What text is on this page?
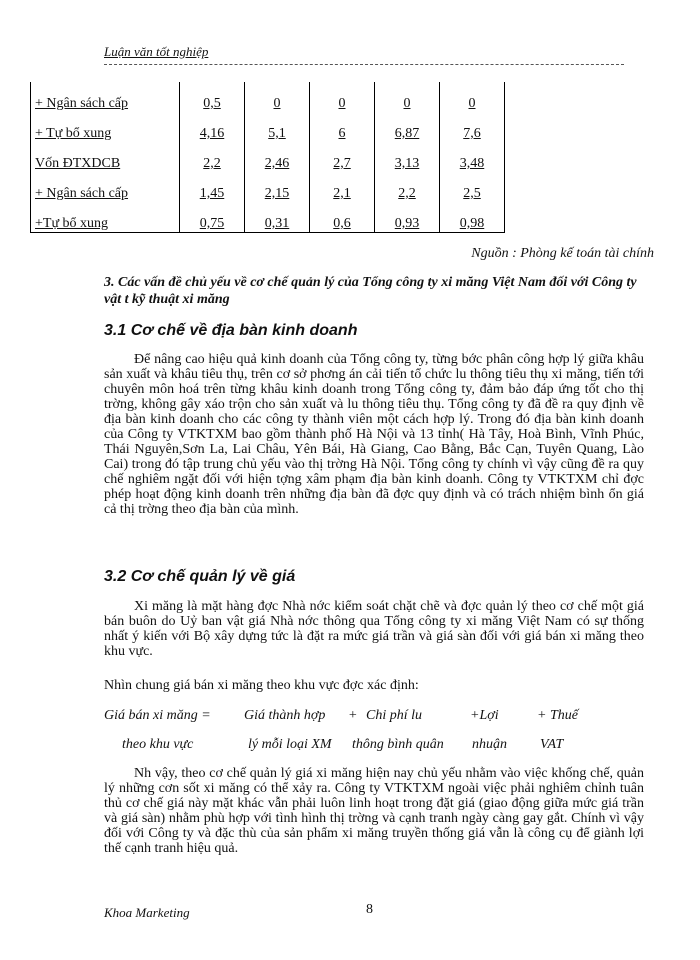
Luận văn tốt nghiệp
+ Ngân sách cấp	0,5	0	0	0	0
+ Tự bổ xung	4,16	5,1	6	6,87	7,6
Vốn ĐTXDCB	2,2	2,46	2,7	3,13	3,48
+ Ngân sách cấp	1,45	2,15	2,1	2,2	2,5
+Tự bổ xung	0,75	0,31	0,6	0,93	0,98
Nguồn : Phòng kế toán tài chính
3. Các vấn đề chủ yếu về cơ chế quản lý của Tổng công ty xi măng Việt Nam đối với Công ty vật t kỹ thuật xi măng
3.1 Cơ chế về địa bàn kinh doanh

Để nâng cao hiệu quả kinh doanh của Tổng công ty, từng bớc phân công hợp lý giữa khâu sản xuất và khâu tiêu thụ, trên cơ sở phơng án cải tiến tổ chức lu thông tiêu thụ xi măng, tiến tới chuyên môn hoá trên từng khâu kinh doanh trong Tổng công ty, đảm bảo đáp ứng tốt cho thị trờng, không gây xáo trộn cho sản xuất và lu thông tiêu thụ. Tổng công ty đã đề ra quy định về địa bàn kinh doanh cho các công ty thành viên một cách hợp lý. Trong đó địa bàn kinh doanh của Công ty VTKTXM bao gồm thành phố Hà Nội và 13 tỉnh( Hà Tây, Hoà Bình, Vĩnh Phúc, Thái Nguyên,Sơn La, Lai Châu, Yên Bái, Hà Giang, Cao Bằng, Bắc Cạn, Tuyên Quang, Lào Cai) trong đó tập trung chủ yếu vào thị trờng Hà Nội. Tổng công ty chính vì vậy cũng đề ra quy chế nghiêm ngặt đối với hiện tợng xâm phạm địa bàn kinh doanh. Công ty VTKTXM chỉ đợc phép hoạt động kinh doanh trên những địa bàn đã đợc quy định và có trách nhiệm bình ổn giá cả thị trờng theo địa bàn của mình.

3.2 Cơ chế quản lý về giá

Xi măng là mặt hàng đợc Nhà nớc kiểm soát chặt chẽ và đợc quản lý theo cơ chế một giá bán buôn do Uỷ ban vật giá Nhà nớc thông qua Tổng công ty xi măng Việt Nam có sự thống nhất ý kiến với Bộ xây dựng tức là đặt ra mức giá trần và giá sàn đối với giá bán xi măng theo khu vực.

Nhìn chung giá bán xi măng theo khu vực đợc xác định:

Giá bán xi măng =
theo khu vực
Giá thành hợp
lý mỗi loại XM
+ Chi phí lu
thông bình quân
+Lợi
nhuận
+ Thuế
VAT

Nh vậy, theo cơ chế quản lý giá xi măng hiện nay chủ yếu nhằm vào việc khống chế, quản lý những cơn sốt xi măng có thể xảy ra. Công ty VTKTXM ngoài việc phải nghiêm chỉnh tuân thủ cơ chế giá này mặt khác vẫn phải luôn linh hoạt trong đặt giá (giao động giữa mức giá trần và giá sàn) nhằm phù hợp với tình hình thị trờng và cạnh tranh ngày càng gay gắt. Chính vì vậy đối với Công ty và đặc thù của sản phẩm xi măng truyền thống giá vẫn là công cụ để giành lợi thế cạnh tranh hiệu quả.

Khoa Marketing	8
